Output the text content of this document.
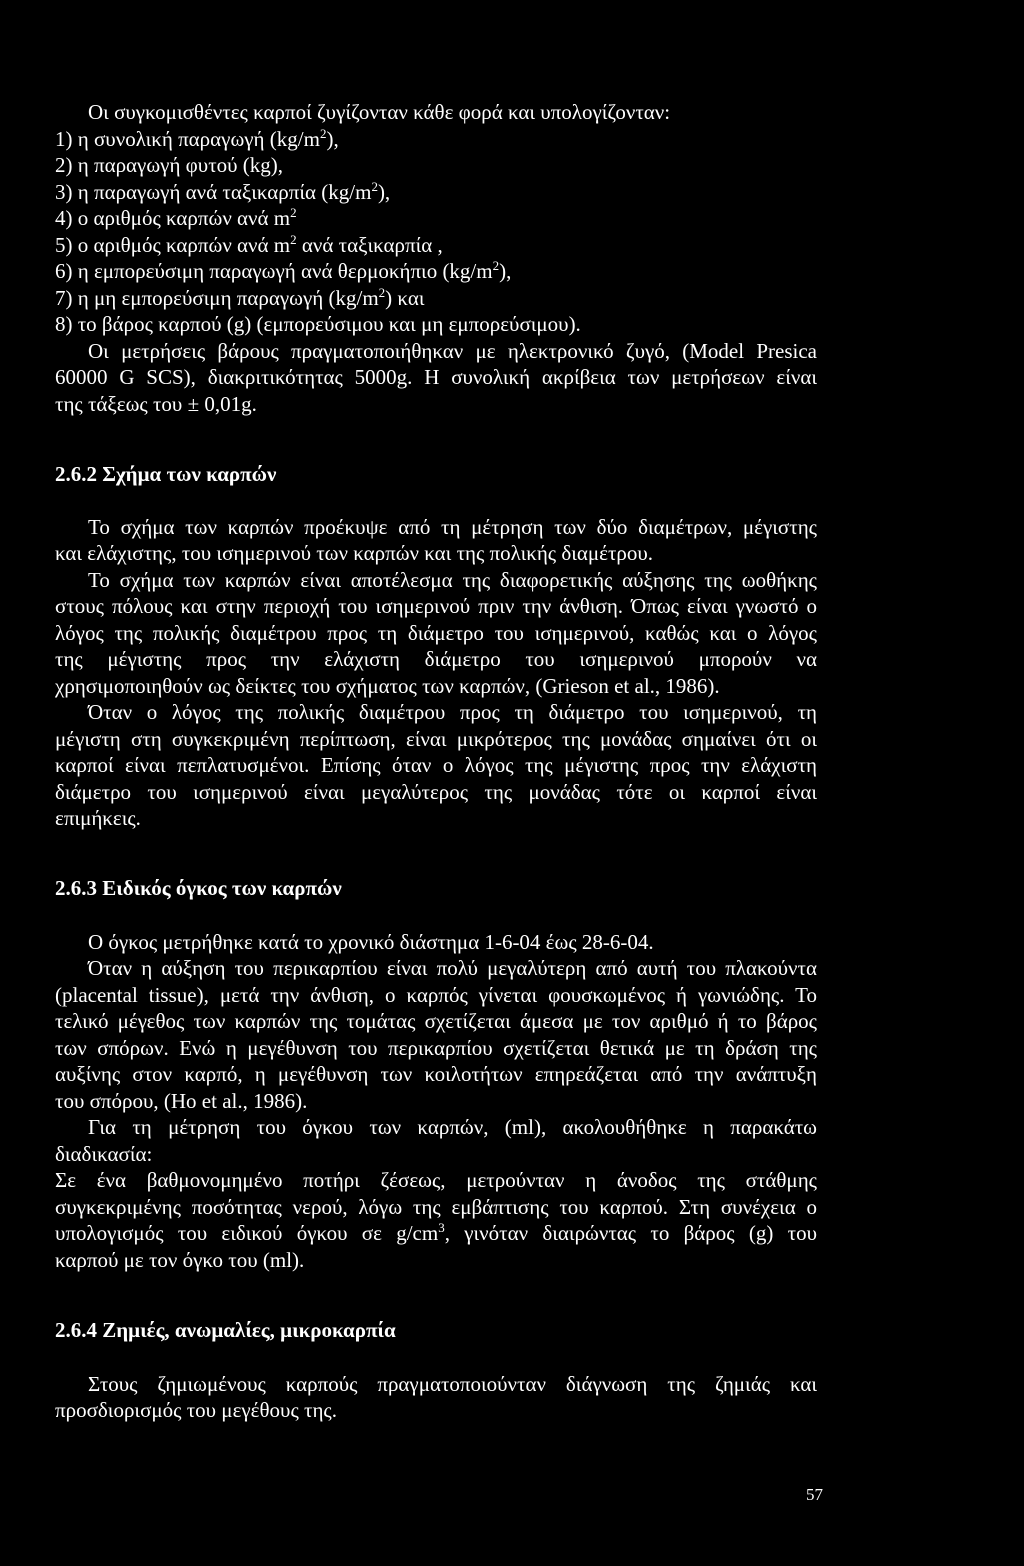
Οι συγκομισθέντες καρποί ζυγίζονταν κάθε φορά και υπολογίζονταν:
1) η συνολική παραγωγή $(kg/m^2)$,
2) η παραγωγή φυτού (kg),
3) η παραγωγή ανά ταξικαρπία $(kg/m^2)$,
4) ο αριθμός καρπών ανά $m^2$
5) ο αριθμός καρπών ανά $m^2$ ανά ταξικαρπία ,
6) η εμπορεύσιμη παραγωγή ανά θερμοκήπιο $(kg/m^2)$,
7) η μη εμπορεύσιμη παραγωγή $(kg/m^2)$ και
8) το βάρος καρπού (g) (εμπορεύσιμου και μη εμπορεύσιμου).
Οι μετρήσεις βάρους πραγματοποιήθηκαν με ηλεκτρονικό ζυγό, (Model Presica
60000 G SCS), διακριτικότητας 5000g. Η συνολική ακρίβεια των μετρήσεων είναι
της τάξεως του ± 0,01g.
2.6.2 Σχήμα των καρπών
Το σχήμα των καρπών προέκυψε από τη μέτρηση των δύο διαμέτρων, μέγιστης
και ελάχιστης, του ισημερινού των καρπών και της πολικής διαμέτρου.
Το σχήμα των καρπών είναι αποτέλεσμα της διαφορετικής αύξησης της ωοθήκης
στους πόλους και στην περιοχή του ισημερινού πριν την άνθιση. Όπως είναι γνωστό ο
λόγος της πολικής διαμέτρου προς τη διάμετρο του ισημερινού, καθώς και ο λόγος
της μέγιστης προς την ελάχιστη διάμετρο του ισημερινού μπορούν να
χρησιμοποιηθούν ως δείκτες του σχήματος των καρπών, (Grieson et al., 1986).
Όταν ο λόγος της πολικής διαμέτρου προς τη διάμετρο του ισημερινού, τη
μέγιστη στη συγκεκριμένη περίπτωση, είναι μικρότερος της μονάδας σημαίνει ότι οι
καρποί είναι πεπλατυσμένοι. Επίσης όταν ο λόγος της μέγιστης προς την ελάχιστη
διάμετρο του ισημερινού είναι μεγαλύτερος της μονάδας τότε οι καρποί είναι
επιμήκεις.
2.6.3 Ειδικός όγκος των καρπών
Ο όγκος μετρήθηκε κατά το χρονικό διάστημα 1-6-04 έως 28-6-04.
Όταν η αύξηση του περικαρπίου είναι πολύ μεγαλύτερη από αυτή του πλακούντα
(placental tissue), μετά την άνθιση, ο καρπός γίνεται φουσκωμένος ή γωνιώδης. Το
τελικό μέγεθος των καρπών της τομάτας σχετίζεται άμεσα με τον αριθμό ή το βάρος
των σπόρων. Ενώ η μεγέθυνση του περικαρπίου σχετίζεται θετικά με τη δράση της
αυξίνης στον καρπό, η μεγέθυνση των κοιλοτήτων επηρεάζεται από την ανάπτυξη
του σπόρου, (Ho et al., 1986).
Για τη μέτρηση του όγκου των καρπών, (ml), ακολουθήθηκε η παρακάτω
διαδικασία:
Σε ένα βαθμονομημένο ποτήρι ζέσεως, μετρούνταν η άνοδος της στάθμης
συγκεκριμένης ποσότητας νερού, λόγω της εμβάπτισης του καρπού. Στη συνέχεια ο
υπολογισμός του ειδικού όγκου σε $g/cm^3$, γινόταν διαιρώντας το βάρος (g) του
καρπού με τον όγκο του (ml).
2.6.4 Ζημιές, ανωμαλίες, μικροκαρπία
Στους ζημιωμένους καρπούς πραγματοποιούνταν διάγνωση της ζημιάς και
προσδιορισμός του μεγέθους της.
57
